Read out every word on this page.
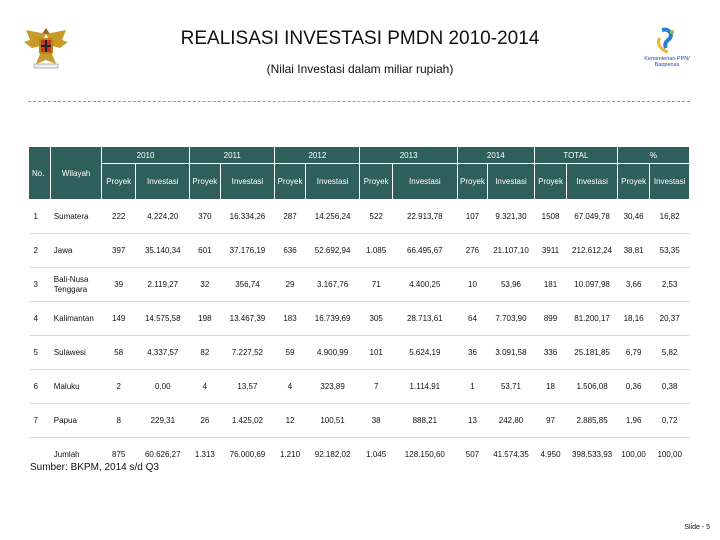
Kementerian PPN/ Bappenas
REALISASI INVESTASI PMDN 2010-2014
(Nilai Investasi dalam miliar rupiah)
No.	Wilayah	2010		2011		2012		2013		2014		TOTAL		%	
		Proyek	Investasi	Proyek	Investasi	Proyek	Investasi	Proyek	Investasi	Proyek	Investasi	Proyek	Investasi	Proyek	Investasi
1	Sumatera	222	4.224,20	370	16.334,26	287	14.256,24	522	22.913,78	107	9.321,30	1508	67.049,78	30,46	16,82
2	Jawa	397	35.140,34	601	37.176,19	636	52.692,94	1.085	66.495,67	276	21.107,10	3911	212.612,24	38,81	53,35
3	Bali-Nusa Tenggara	39	2.119,27	32	356,74	29	3.167,76	71	4.400,25	10	53,96	181	10.097,98	3,66	2,53
4	Kalimantan	149	14.575,58	198	13.467,39	183	16.739,69	305	28.713,61	64	7.703,90	899	81.200,17	18,16	20,37
5	Sulawesi	58	4.337,57	82	7.227,52	59	4.900,99	101	5.624,19	36	3.091,58	336	25.181,85	6,79	5,82
6	Maluku	2	0,00	4	13,57	4	323,89	7	1.114,91	1	53,71	18	1.506,08	0,36	0,38
7	Papua	8	229,31	26	1.425,02	12	100,51	38	888,21	13	242,80	97	2.885,85	1,96	0,72
	Jumlah	875	60.626,27	1.313	76.000,69	1.210	92.182,02	1.045	128.150,60	507	41.574,35	4.950	398.533,93	100,00	100,00
Sumber: BKPM, 2014 s/d Q3
Slide - 5
